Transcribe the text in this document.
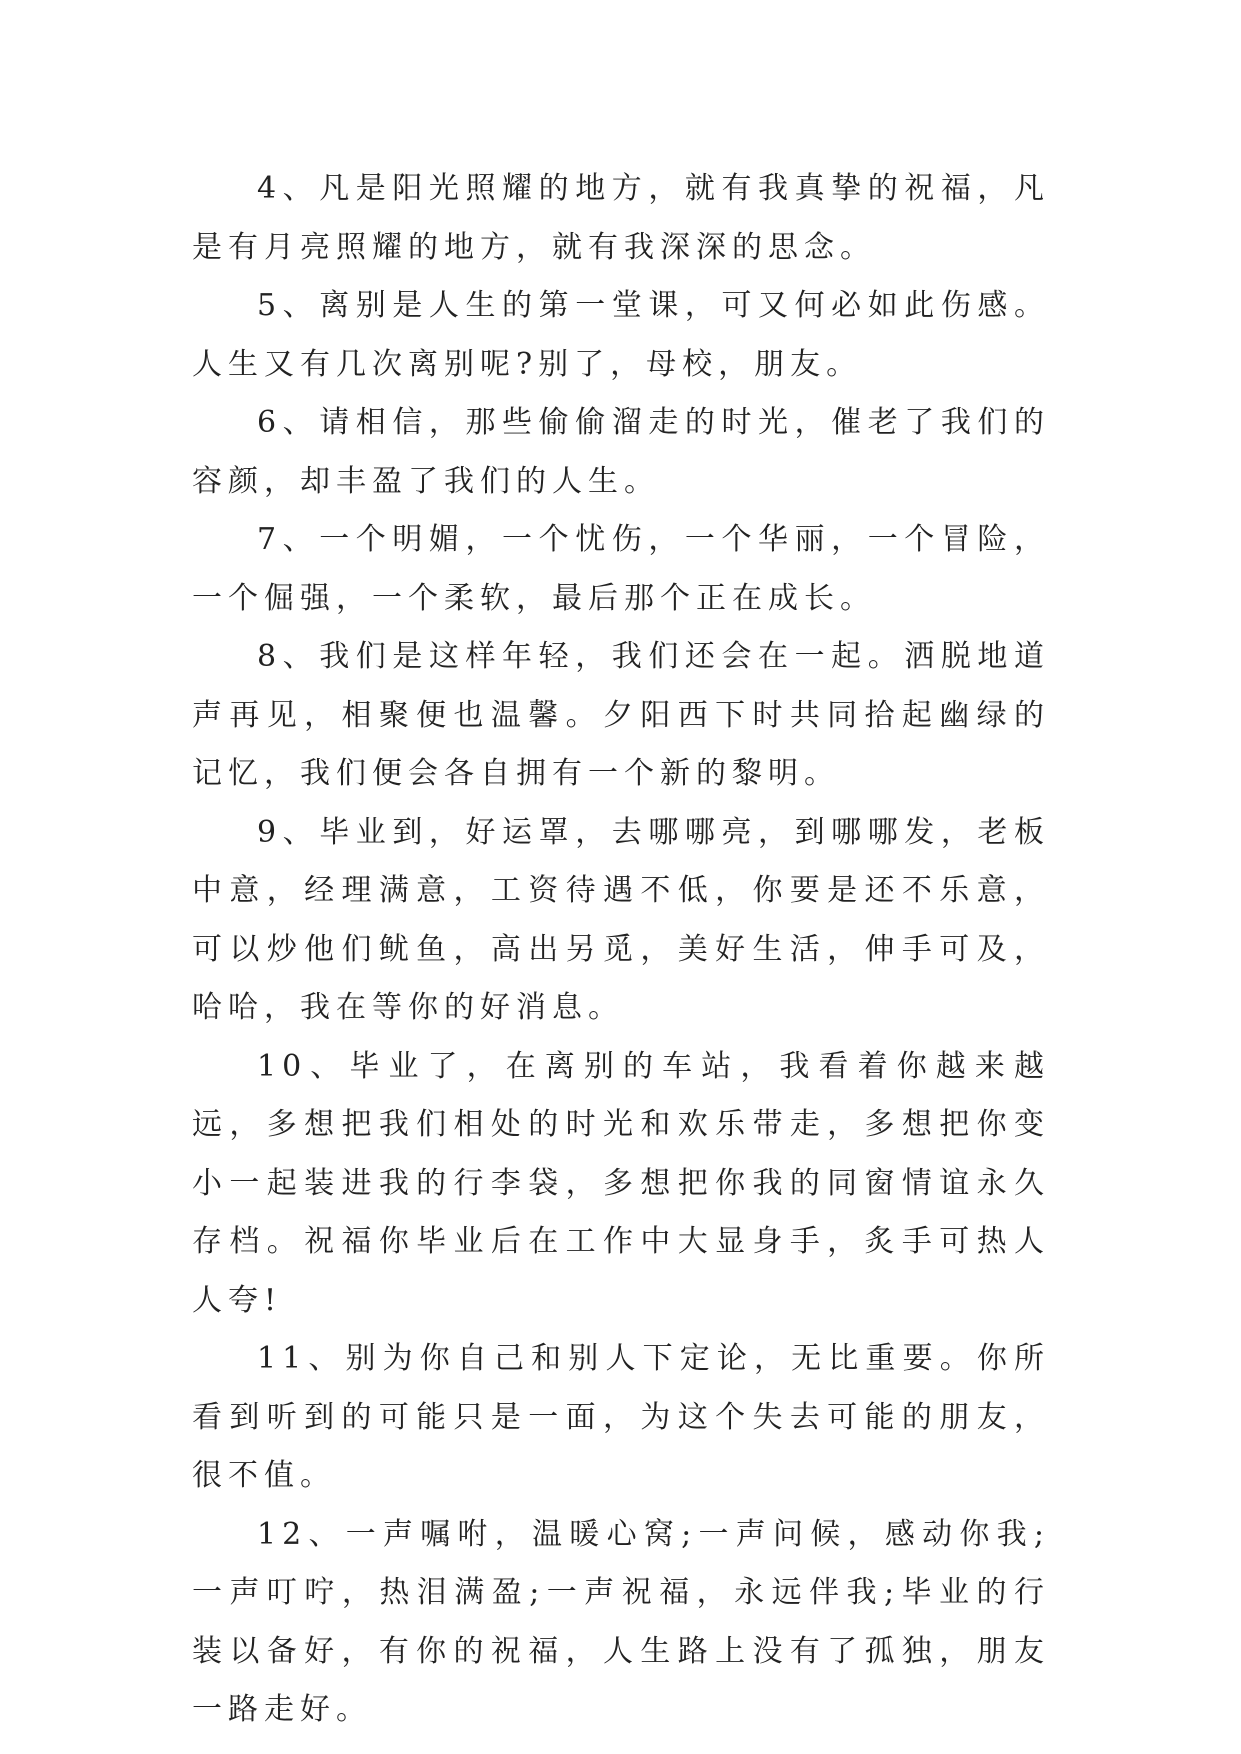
4、凡是阳光照耀的地方，就有我真挚的祝福，凡是有月亮照耀的地方，就有我深深的思念。

5、离别是人生的第一堂课，可又何必如此伤感。人生又有几次离别呢?别了，母校，朋友。

6、请相信，那些偷偷溜走的时光，催老了我们的容颜，却丰盈了我们的人生。

7、一个明媚，一个忧伤，一个华丽，一个冒险，一个倔强，一个柔软，最后那个正在成长。

8、我们是这样年轻，我们还会在一起。洒脱地道声再见，相聚便也温馨。夕阳西下时共同拾起幽绿的记忆，我们便会各自拥有一个新的黎明。

9、毕业到，好运罩，去哪哪亮，到哪哪发，老板中意，经理满意，工资待遇不低，你要是还不乐意，可以炒他们鱿鱼，高出另觅，美好生活，伸手可及，哈哈，我在等你的好消息。

10、毕业了，在离别的车站，我看着你越来越远，多想把我们相处的时光和欢乐带走，多想把你变小一起装进我的行李袋，多想把你我的同窗情谊永久存档。祝福你毕业后在工作中大显身手，炙手可热人人夸!

11、别为你自己和别人下定论，无比重要。你所看到听到的可能只是一面，为这个失去可能的朋友，很不值。

12、一声嘱咐，温暖心窝;一声问候，感动你我;一声叮咛，热泪满盈;一声祝福，永远伴我;毕业的行装以备好，有你的祝福，人生路上没有了孤独，朋友一路走好。
